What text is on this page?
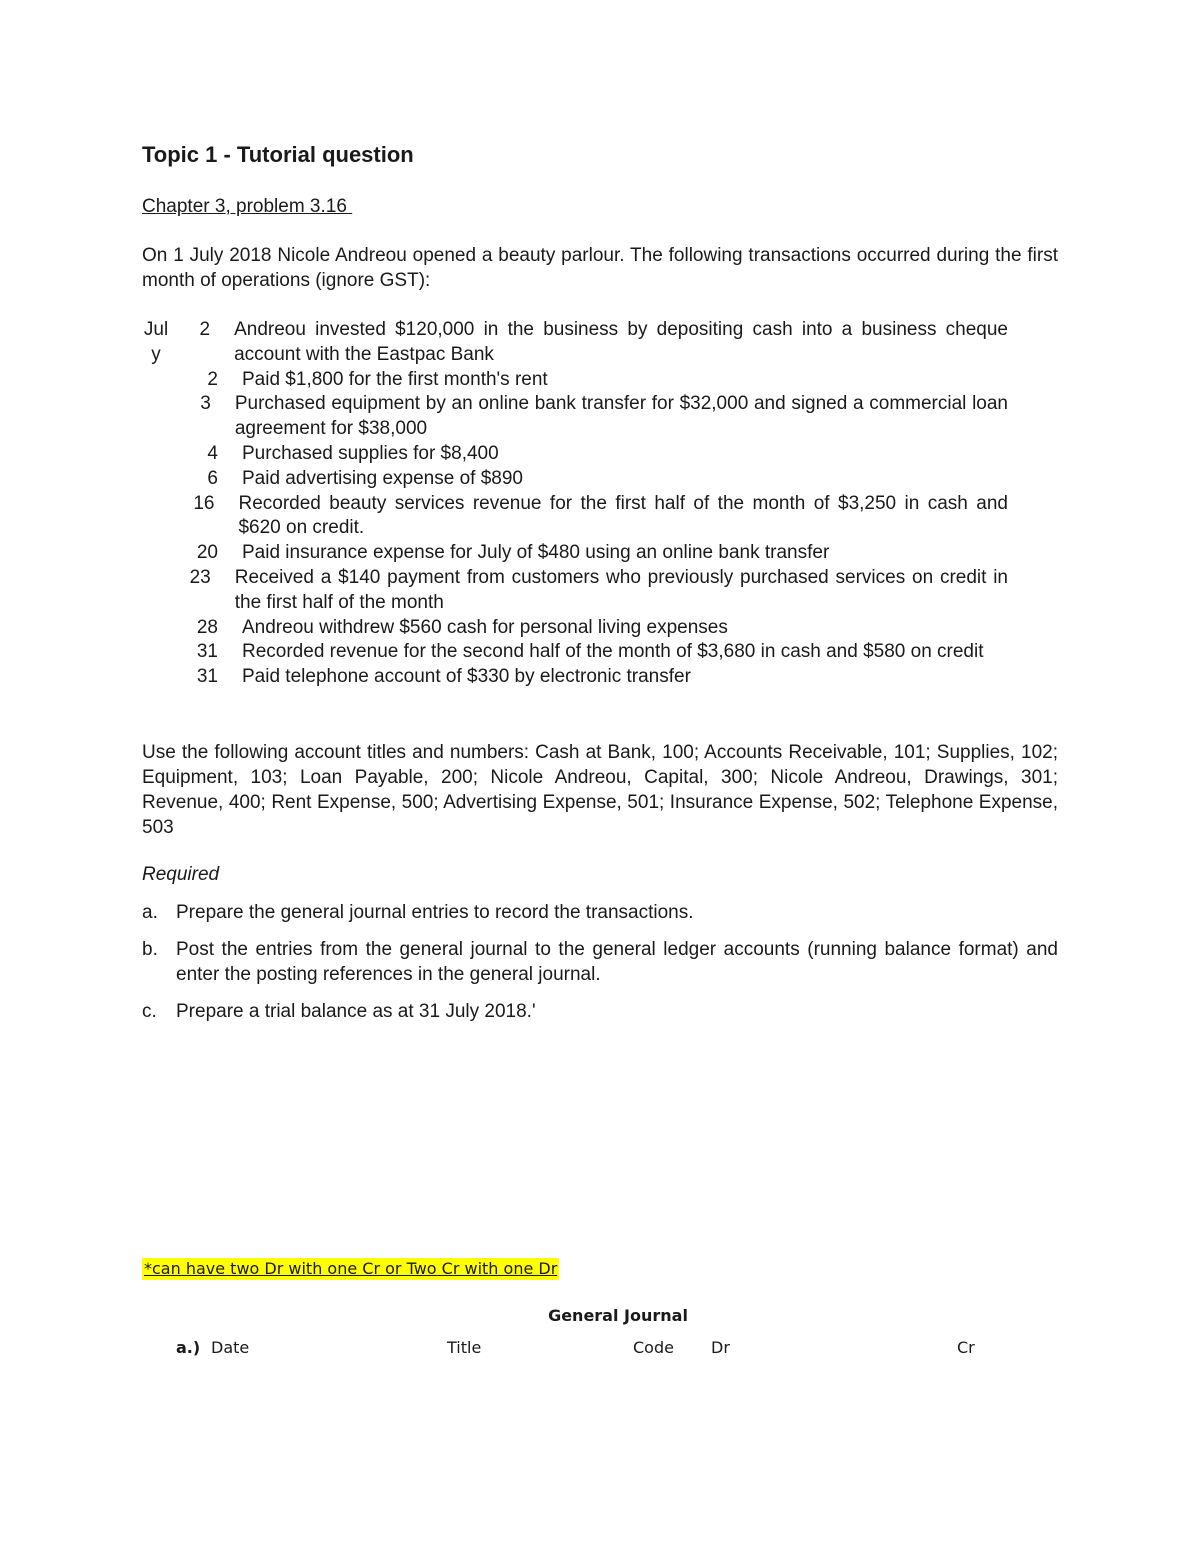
Topic 1 - Tutorial question
Chapter 3, problem 3.16
On 1 July 2018 Nicole Andreou opened a beauty parlour. The following transactions occurred during the first month of operations (ignore GST):
Jul
y
2	Andreou invested $120,000 in the business by depositing cash into a business cheque account with the Eastpac Bank
2	Paid $1,800 for the first month's rent
3	Purchased equipment by an online bank transfer for $32,000 and signed a commercial loan agreement for $38,000
4	Purchased supplies for $8,400
6	Paid advertising expense of $890
16	Recorded beauty services revenue for the first half of the month of $3,250 in cash and $620 on credit.
20	Paid insurance expense for July of $480 using an online bank transfer
23	Received a $140 payment from customers who previously purchased services on credit in the first half of the month
28	Andreou withdrew $560 cash for personal living expenses
31	Recorded revenue for the second half of the month of $3,680 in cash and $580 on credit
31	Paid telephone account of $330 by electronic transfer
Use the following account titles and numbers: Cash at Bank, 100; Accounts Receivable, 101; Supplies, 102; Equipment, 103; Loan Payable, 200; Nicole Andreou, Capital, 300; Nicole Andreou, Drawings, 301; Revenue, 400; Rent Expense, 500; Advertising Expense, 501; Insurance Expense, 502; Telephone Expense, 503
Required
a. Prepare the general journal entries to record the transactions.
b. Post the entries from the general journal to the general ledger accounts (running balance format) and enter the posting references in the general journal.
c.	Prepare a trial balance as at 31 July 2018.'
*can have two Dr with one Cr or Two Cr with one Dr
General Journal
a.) Date	Title	Code Dr	Cr
